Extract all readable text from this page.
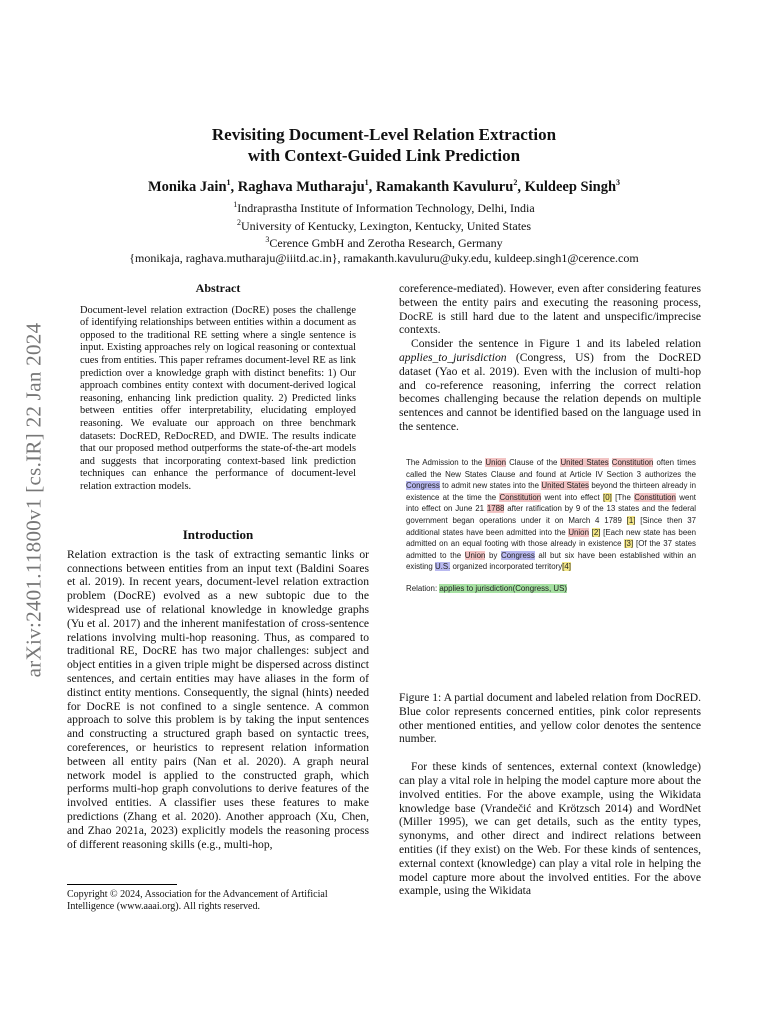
arXiv:2401.11800v1 [cs.IR] 22 Jan 2024
Revisiting Document-Level Relation Extraction
with Context-Guided Link Prediction
Monika Jain$^1$, Raghava Mutharaju$^1$, Ramakanth Kavuluru$^2$, Kuldeep Singh$^3$
$^1$Indraprastha Institute of Information Technology, Delhi, India
$^2$University of Kentucky, Lexington, Kentucky, United States
$^3$Cerence GmbH and Zerotha Research, Germany
{monikaja, raghava.mutharaju@iiitd.ac.in}, ramakanth.kavuluru@uky.edu, kuldeep.singh1@cerence.com
Abstract

Document-level relation extraction (DocRE) poses the challenge of identifying relationships between entities within a document as opposed to the traditional RE setting where a single sentence is input. Existing approaches rely on logical reasoning or contextual cues from entities. This paper reframes document-level RE as link prediction over a knowledge graph with distinct benefits: 1) Our approach combines entity context with document-derived logical reasoning, enhancing link prediction quality. 2) Predicted links between entities offer interpretability, elucidating employed reasoning. We evaluate our approach on three benchmark datasets: DocRED, ReDocRED, and DWIE. The results indicate that our proposed method outperforms the state-of-the-art models and suggests that incorporating context-based link prediction techniques can enhance the performance of document-level relation extraction models.

Introduction

Relation extraction is the task of extracting semantic links or connections between entities from an input text (Baldini Soares et al. 2019). In recent years, document-level relation extraction problem (DocRE) evolved as a new subtopic due to the widespread use of relational knowledge in knowledge graphs (Yu et al. 2017) and the inherent manifestation of cross-sentence relations involving multi-hop reasoning. Thus, as compared to traditional RE, DocRE has two major challenges: subject and object entities in a given triple might be dispersed across distinct sentences, and certain entities may have aliases in the form of distinct entity mentions. Consequently, the signal (hints) needed for DocRE is not confined to a single sentence. A common approach to solve this problem is by taking the input sentences and constructing a structured graph based on syntactic trees, coreferences, or heuristics to represent relation information between all entity pairs (Nan et al. 2020). A graph neural network model is applied to the constructed graph, which performs multi-hop graph convolutions to derive features of the involved entities. A classifier uses these features to make predictions (Zhang et al. 2020). Another approach (Xu, Chen, and Zhao 2021a, 2023) explicitly models the reasoning process of different reasoning skills (e.g., multi-hop,

Copyright © 2024, Association for the Advancement of Artificial Intelligence (www.aaai.org). All rights reserved.

coreference-mediated). However, even after considering features between the entity pairs and executing the reasoning process, DocRE is still hard due to the latent and unspecific/imprecise contexts.

Consider the sentence in Figure 1 and its labeled relation applies_to_jurisdiction (Congress, US) from the DocRED dataset (Yao et al. 2019). Even with the inclusion of multi-hop and co-reference reasoning, inferring the correct relation becomes challenging because the relation depends on multiple sentences and cannot be identified based on the language used in the sentence.

The Admission to the Union Clause of the United States Constitution often times called the New States Clause and found at Article IV Section 3 authorizes the Congress to admit new states into the United States beyond the thirteen already in existence at the time the Constitution went into effect [0] [The Constitution went into effect on June 21 1788 after ratification by 9 of the 13 states and the federal government began operations under it on March 4 1789 [1] [Since then 37 additional states have been admitted into the Union [2] [Each new state has been admitted on an equal footing with those already in existence [3] [Of the 37 states admitted to the Union by Congress all but six have been established within an existing U.S. organized incorporated territory[4]
Relation: applies to jurisdiction(Congress, US)

Figure 1: A partial document and labeled relation from DocRED. Blue color represents concerned entities, pink color represents other mentioned entities, and yellow color denotes the sentence number.

For these kinds of sentences, external context (knowledge) can play a vital role in helping the model capture more about the involved entities. For the above example, using the Wikidata knowledge base (Vrandečić and Krötzsch 2014) and WordNet (Miller 1995), we can get details, such as the entity types, synonyms, and other direct and indirect relations between entities (if they exist) on the Web. For these kinds of sentences, external context (knowledge) can play a vital role in helping the model capture more about the involved entities. For the above example, using the Wikidata
